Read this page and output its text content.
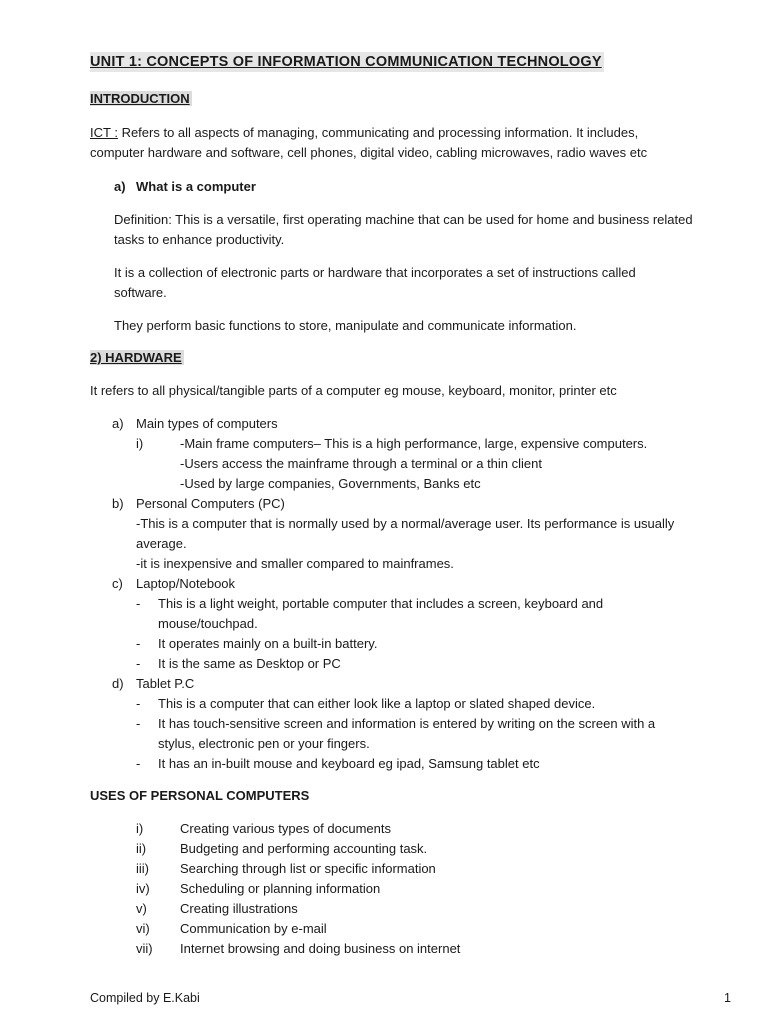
UNIT 1: CONCEPTS OF INFORMATION COMMUNICATION TECHNOLOGY
INTRODUCTION
ICT : Refers to all aspects of managing, communicating and processing information. It includes,
computer hardware and software, cell phones, digital video, cabling microwaves, radio waves etc
a) What is a computer
Definition: This is a versatile, first operating machine that can be used for home and business related
tasks to enhance productivity.
It is a collection of electronic parts or hardware that incorporates a set of instructions called
software.
They perform basic functions to store, manipulate and communicate information.
2) HARDWARE
It refers to all physical/tangible parts of a computer eg mouse, keyboard, monitor, printer etc
a) Main types of computers
i)	-Main frame computers– This is a high performance, large, expensive computers.
-Users access the mainframe through a terminal or a thin client
-Used by large companies, Governments, Banks etc
b) Personal Computers (PC)
-This is a computer that is normally used by a normal/average user. Its performance is usually
average.
-it is inexpensive and smaller compared to mainframes.
c) Laptop/Notebook
- This is a light weight, portable computer that includes a screen, keyboard and
mouse/touchpad.
- It operates mainly on a built-in battery.
- It is the same as Desktop or PC
d) Tablet P.C
- This is a computer that can either look like a laptop or slated shaped device.
- It has touch-sensitive screen and information is entered by writing on the screen with a
stylus, electronic pen or your fingers.
- It has an in-built mouse and keyboard eg ipad, Samsung tablet etc
USES OF PERSONAL COMPUTERS
i)	Creating various types of documents
ii)	Budgeting and performing accounting task.
iii) Searching through list or specific information
iv) Scheduling or planning information
v)	Creating illustrations
vi) Communication by e-mail
vii) Internet browsing and doing business on internet
Compiled by E.Kabi	1
